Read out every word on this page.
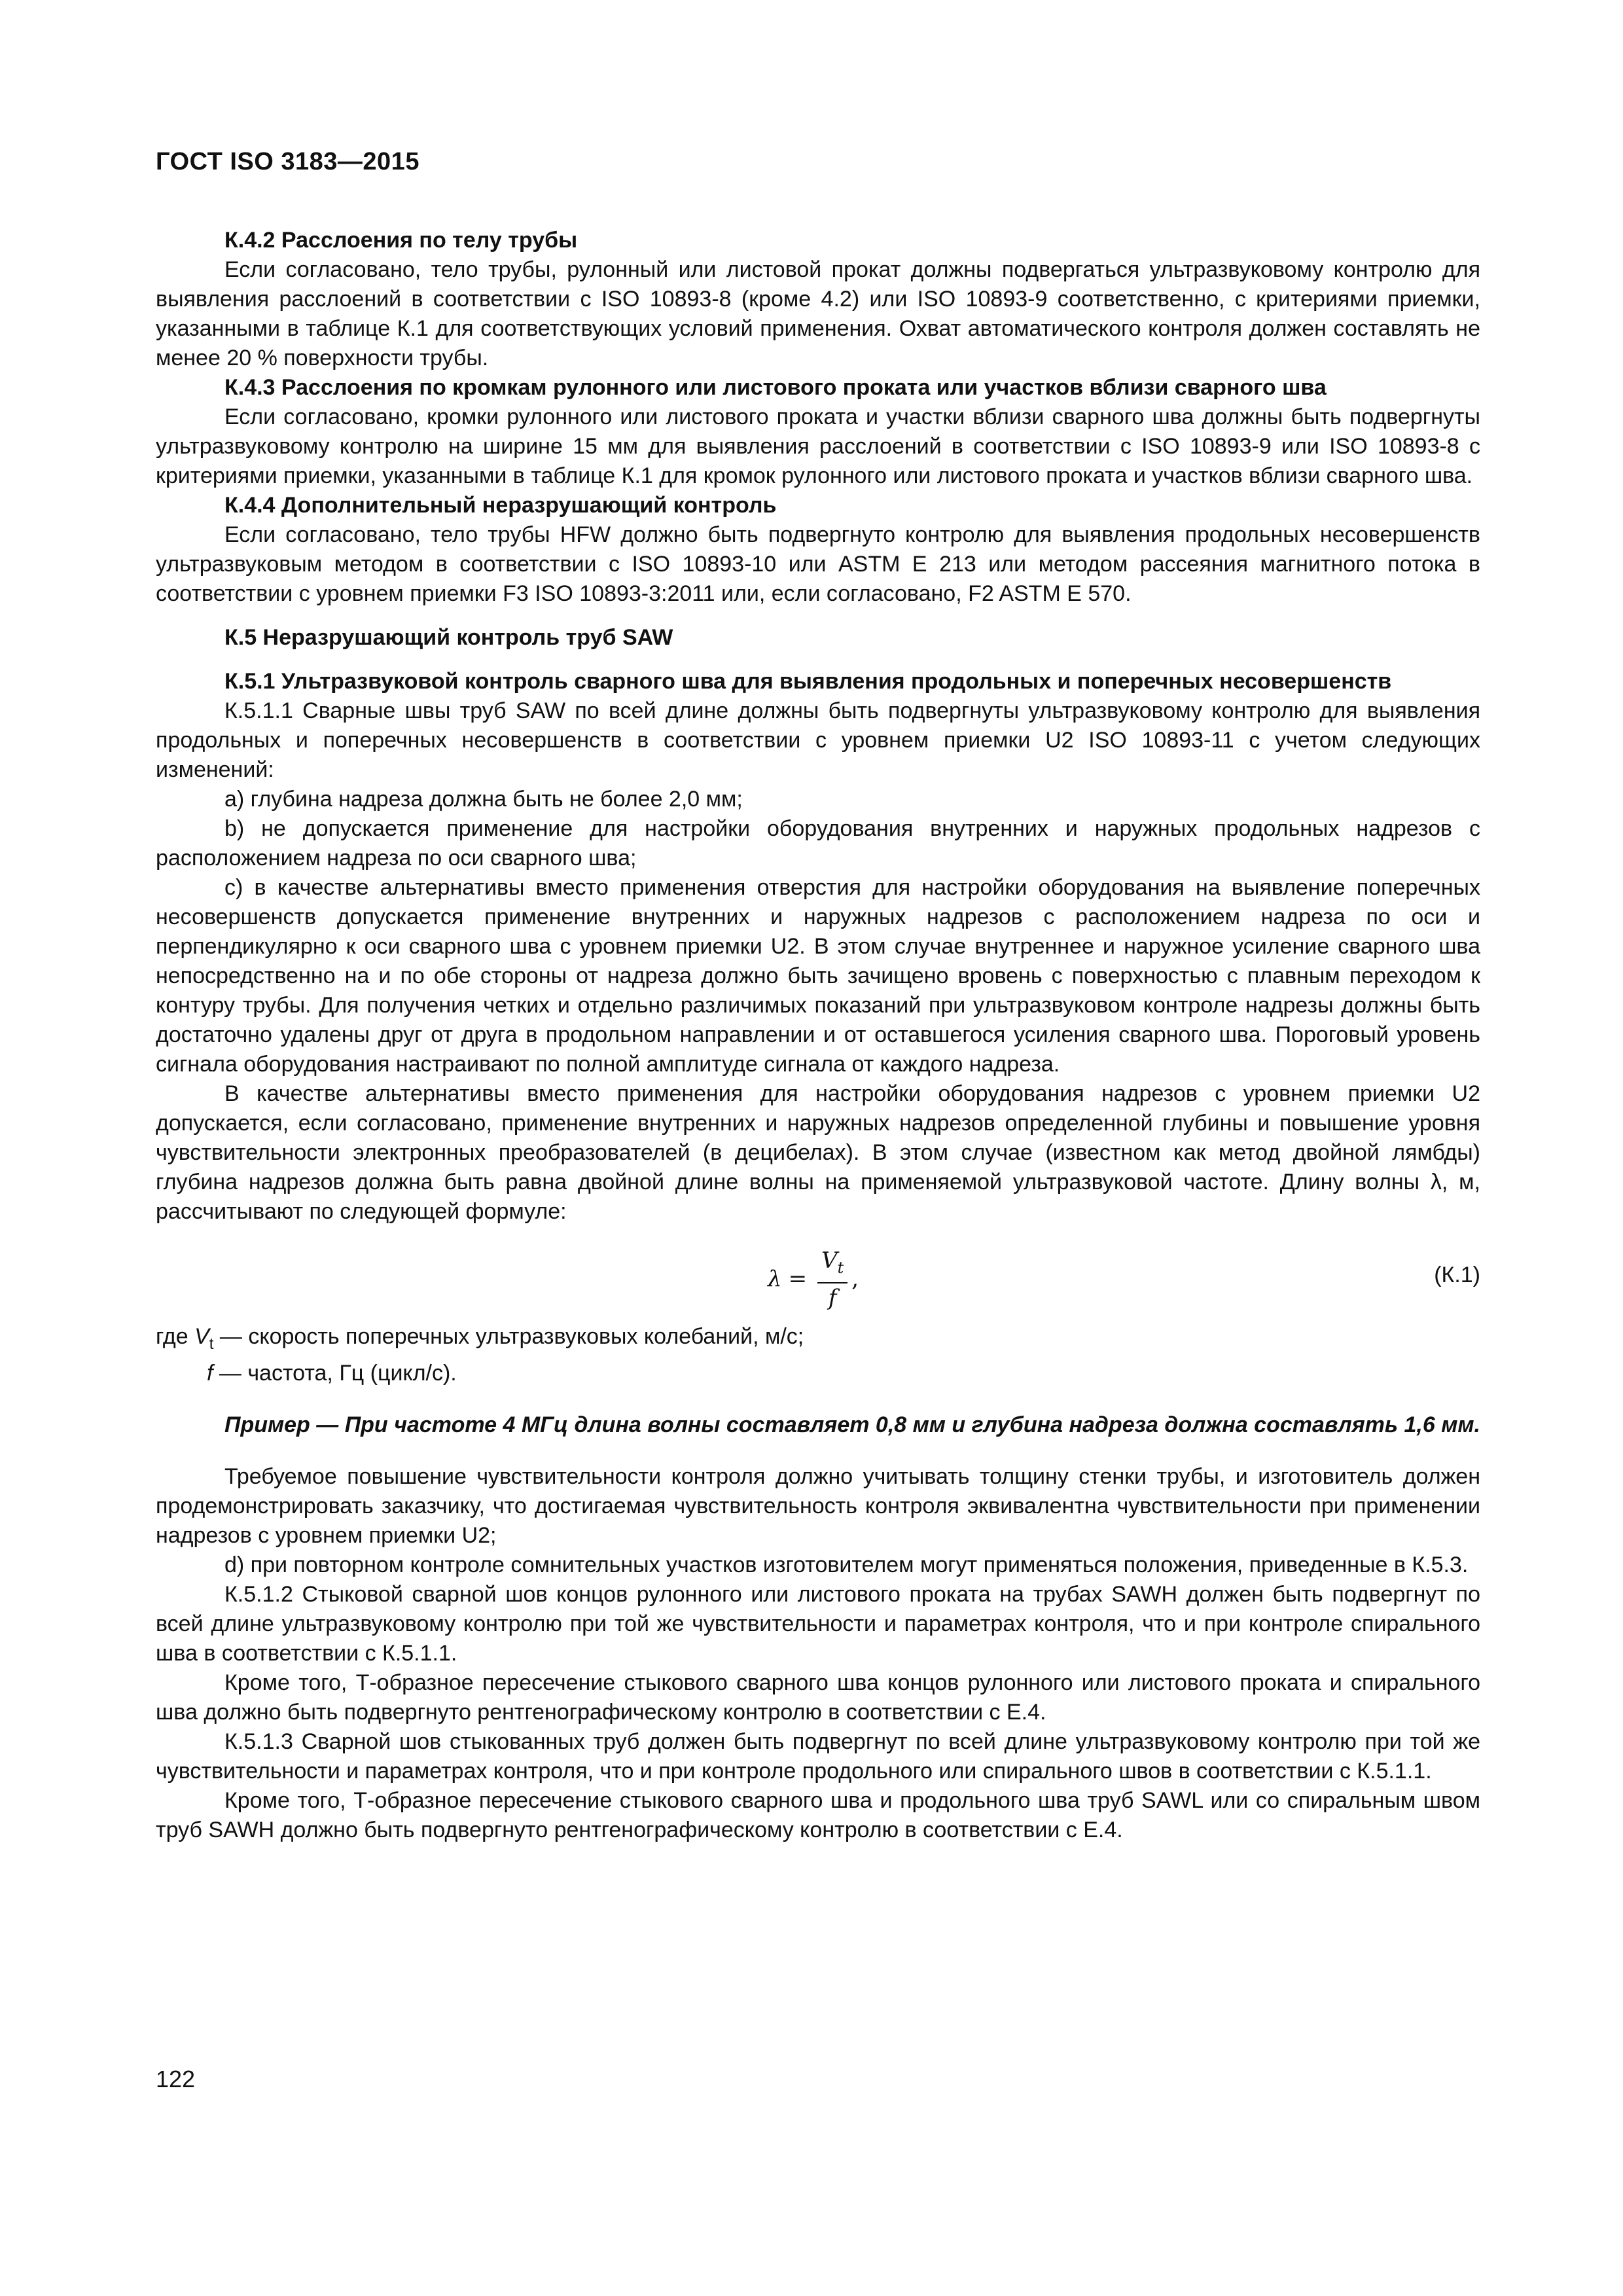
ГОСТ ISO 3183—2015

К.4.2 Расслоения по телу трубы

Если согласовано, тело трубы, рулонный или листовой прокат должны подвергаться ультразвуковому контролю для выявления расслоений в соответствии с ISO 10893-8 (кроме 4.2) или ISO 10893-9 соответственно, с критериями приемки, указанными в таблице К.1 для соответствующих условий применения. Охват автоматического контроля должен составлять не менее 20 % поверхности трубы.

К.4.3 Расслоения по кромкам рулонного или листового проката или участков вблизи сварного шва

Если согласовано, кромки рулонного или листового проката и участки вблизи сварного шва должны быть подвергнуты ультразвуковому контролю на ширине 15 мм для выявления расслоений в соответствии с ISO 10893-9 или ISO 10893-8 с критериями приемки, указанными в таблице К.1 для кромок рулонного или листового проката и участков вблизи сварного шва.

К.4.4 Дополнительный неразрушающий контроль

Если согласовано, тело трубы HFW должно быть подвергнуто контролю для выявления продольных несовершенств ультразвуковым методом в соответствии с ISO 10893-10 или ASTM E 213 или методом рассеяния магнитного потока в соответствии с уровнем приемки F3 ISO 10893-3:2011 или, если согласовано, F2 ASTM E 570.

К.5 Неразрушающий контроль труб SAW

К.5.1 Ультразвуковой контроль сварного шва для выявления продольных и поперечных несовершенств

К.5.1.1 Сварные швы труб SAW по всей длине должны быть подвергнуты ультразвуковому контролю для выявления продольных и поперечных несовершенств в соответствии с уровнем приемки U2 ISO 10893-11 с учетом следующих изменений:

a) глубина надреза должна быть не более 2,0 мм;

b) не допускается применение для настройки оборудования внутренних и наружных продольных надрезов с расположением надреза по оси сварного шва;

c) в качестве альтернативы вместо применения отверстия для настройки оборудования на выявление поперечных несовершенств допускается применение внутренних и наружных надрезов с расположением надреза по оси и перпендикулярно к оси сварного шва с уровнем приемки U2. В этом случае внутреннее и наружное усиление сварного шва непосредственно на и по обе стороны от надреза должно быть зачищено вровень с поверхностью с плавным переходом к контуру трубы. Для получения четких и отдельно различимых показаний при ультразвуковом контроле надрезы должны быть достаточно удалены друг от друга в продольном направлении и от оставшегося усиления сварного шва. Пороговый уровень сигнала оборудования настраивают по полной амплитуде сигнала от каждого надреза.

В качестве альтернативы вместо применения для настройки оборудования надрезов с уровнем приемки U2 допускается, если согласовано, применение внутренних и наружных надрезов определенной глубины и повышение уровня чувствительности электронных преобразователей (в децибелах). В этом случае (известном как метод двойной лямбды) глубина надрезов должна быть равна двойной длине волны на применяемой ультразвуковой частоте. Длину волны λ, м, рассчитывают по следующей формуле:

$\lambda = \frac{V_t}{f}$ ,	(К.1)

где $V_t$ — скорость поперечных ультразвуковых колебаний, м/с;

f — частота, Гц (цикл/с).

Пример — При частоте 4 МГц длина волны составляет 0,8 мм и глубина надреза должна составлять 1,6 мм.

Требуемое повышение чувствительности контроля должно учитывать толщину стенки трубы, и изготовитель должен продемонстрировать заказчику, что достигаемая чувствительность контроля эквивалентна чувствительности при применении надрезов с уровнем приемки U2;

d) при повторном контроле сомнительных участков изготовителем могут применяться положения, приведенные в К.5.3.

К.5.1.2 Стыковой сварной шов концов рулонного или листового проката на трубах SAWH должен быть подвергнут по всей длине ультразвуковому контролю при той же чувствительности и параметрах контроля, что и при контроле спирального шва в соответствии с К.5.1.1.

Кроме того, Т-образное пересечение стыкового сварного шва концов рулонного или листового проката и спирального шва должно быть подвергнуто рентгенографическому контролю в соответствии с Е.4.

К.5.1.3 Сварной шов стыкованных труб должен быть подвергнут по всей длине ультразвуковому контролю при той же чувствительности и параметрах контроля, что и при контроле продольного или спирального швов в соответствии с К.5.1.1.

Кроме того, Т-образное пересечение стыкового сварного шва и продольного шва труб SAWL или со спиральным швом труб SAWH должно быть подвергнуто рентгенографическому контролю в соответствии с Е.4.

122
